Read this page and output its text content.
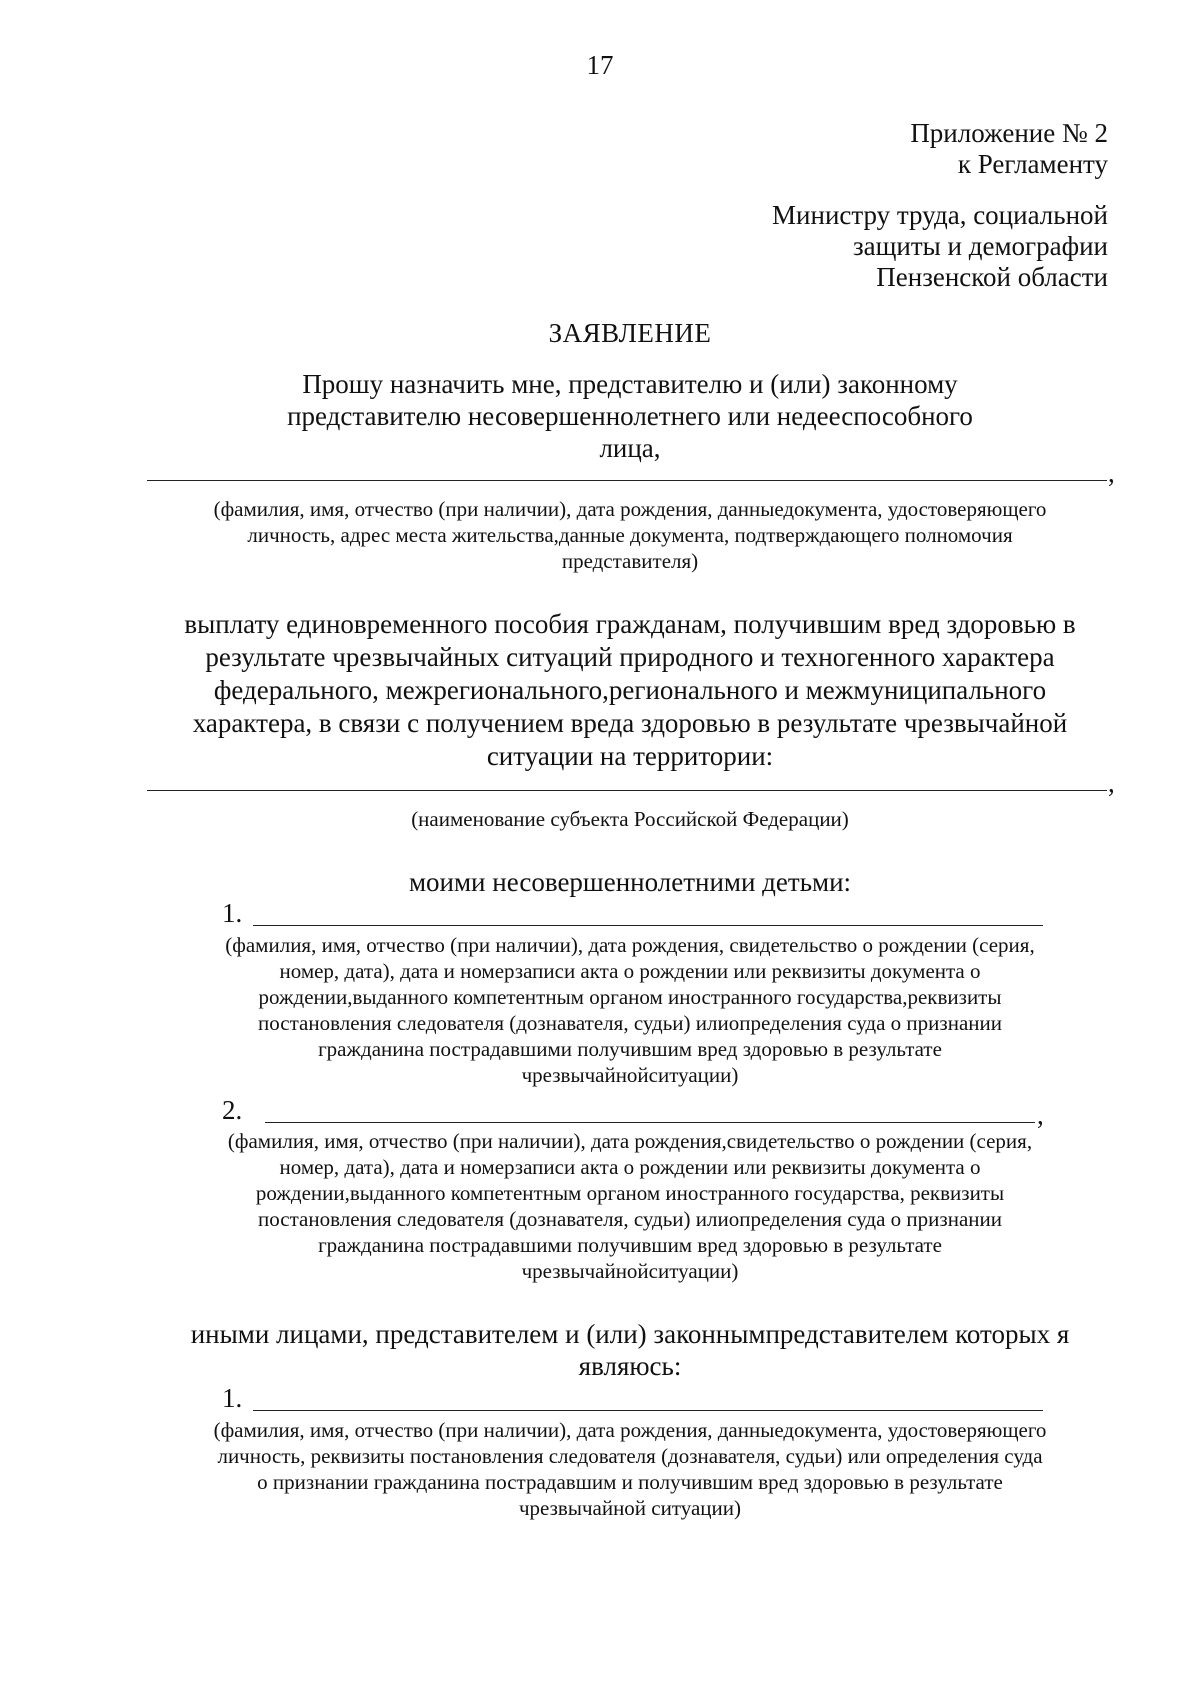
17
Приложение № 2
к Регламенту
Министру труда, социальной
защиты и демографии
Пензенской области
ЗАЯВЛЕНИЕ
Прошу назначить мне, представителю и (или) законному
представителю несовершеннолетнего или недееспособного
лица,
,
(фамилия, имя, отчество (при наличии), дата рождения, данныедокумента, удостоверяющего
личность, адрес места жительства,данные документа, подтверждающего полномочия
представителя)
выплату единовременного пособия гражданам, получившим вред здоровью в
результате чрезвычайных ситуаций природного и техногенного характера
федерального, межрегионального,регионального и межмуниципального
характера, в связи с получением вреда здоровью в результате чрезвычайной
ситуации на территории:
,
(наименование субъекта Российской Федерации)
моими несовершеннолетними детьми:
1.
(фамилия, имя, отчество (при наличии), дата рождения, свидетельство о рождении (серия,
номер, дата), дата и номерзаписи акта о рождении или реквизиты документа о
рождении,выданного компетентным органом иностранного государства,реквизиты
постановления следователя (дознавателя, судьи) илиопределения суда о признании
гражданина пострадавшими получившим вред здоровью в результате
чрезвычайнойситуации)
2.	,
(фамилия, имя, отчество (при наличии), дата рождения,свидетельство о рождении (серия,
номер, дата), дата и номерзаписи акта о рождении или реквизиты документа о
рождении,выданного компетентным органом иностранного государства, реквизиты
постановления следователя (дознавателя, судьи) илиопределения суда о признании
гражданина пострадавшими получившим вред здоровью в результате
чрезвычайнойситуации)
иными лицами, представителем и (или) законнымпредставителем которых я
являюсь:
1.
(фамилия, имя, отчество (при наличии), дата рождения, данныедокумента, удостоверяющего
личность, реквизиты постановления следователя (дознавателя, судьи) или определения суда
о признании гражданина пострадавшим и получившим вред здоровью в результате
чрезвычайной ситуации)
